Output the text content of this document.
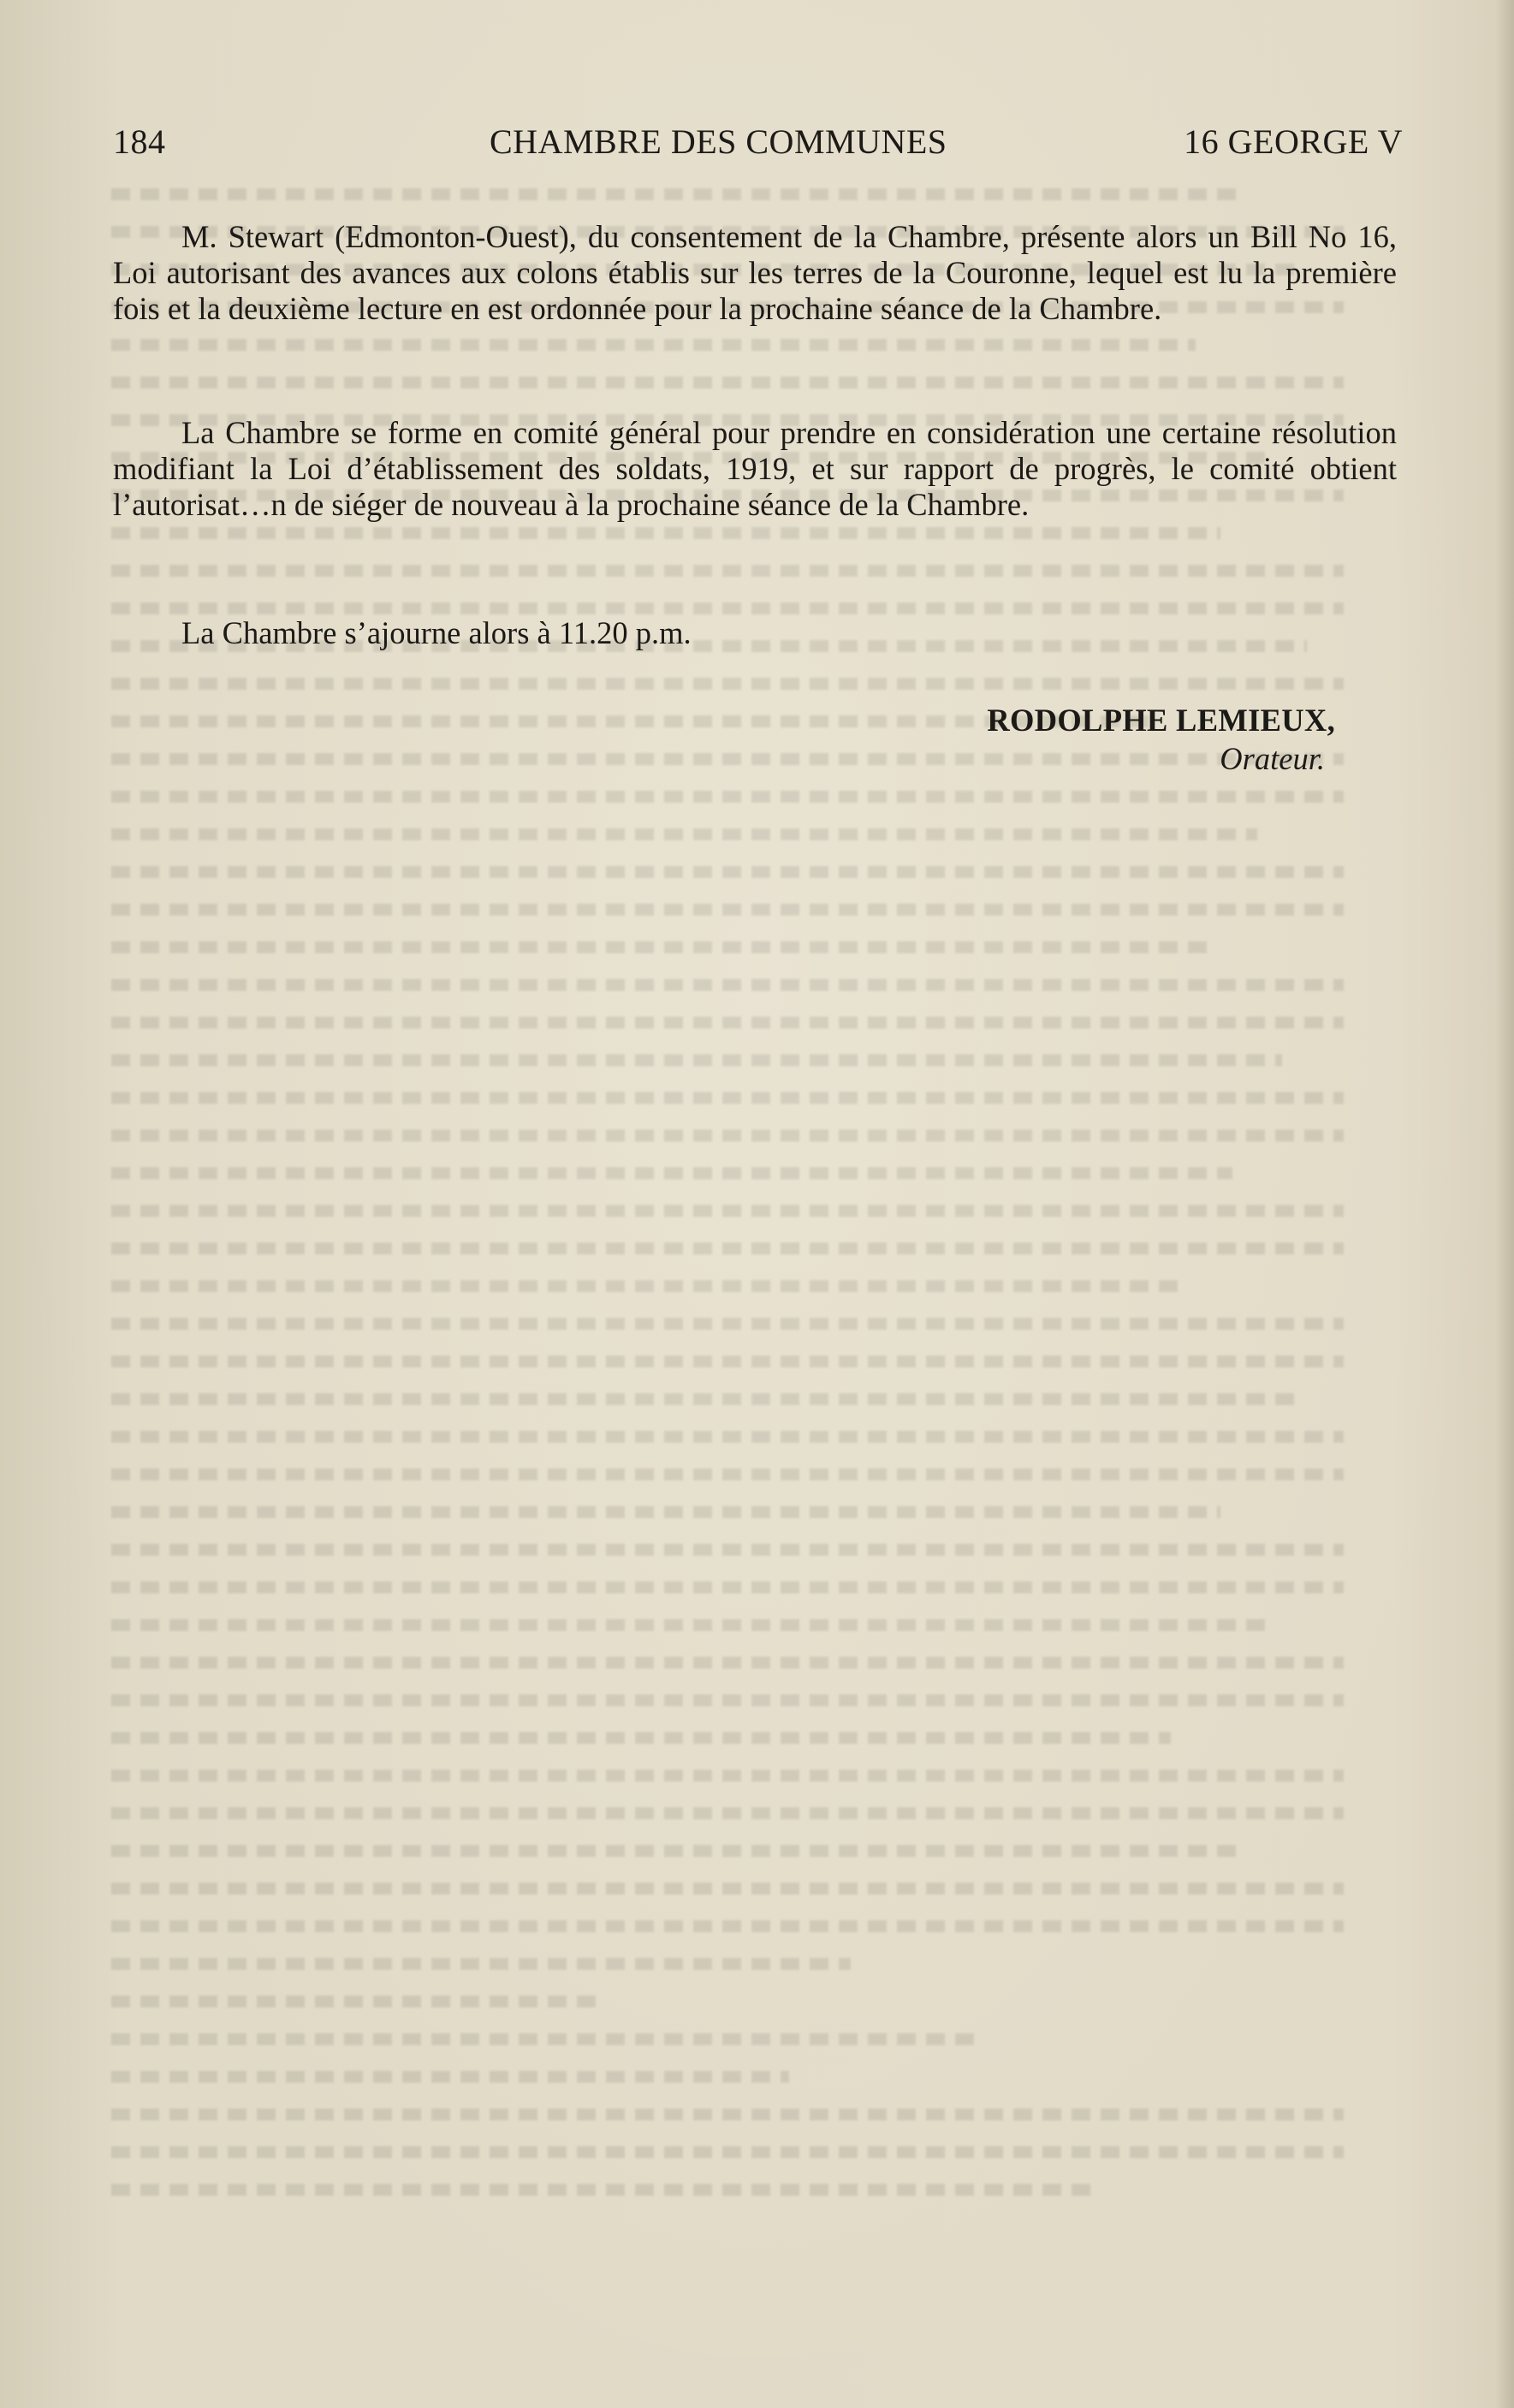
184	CHAMBRE DES COMMUNES	16 GEORGE V

M. Stewart (Edmonton-Ouest), du consentement de la Chambre, présente alors un Bill No 16, Loi autorisant des avances aux colons établis sur les terres de la Couronne, lequel est lu la première fois et la deuxième lecture en est ordonnée pour la prochaine séance de la Chambre.

La Chambre se forme en comité général pour prendre en considération une certaine résolution modifiant la Loi d’établissement des soldats, 1919, et sur rapport de progrès, le comité obtient l’autorisat…n de siéger de nouveau à la prochaine séance de la Chambre.

La Chambre s’ajourne alors à 11.20 p.m.

RODOLPHE LEMIEUX,
Orateur.
